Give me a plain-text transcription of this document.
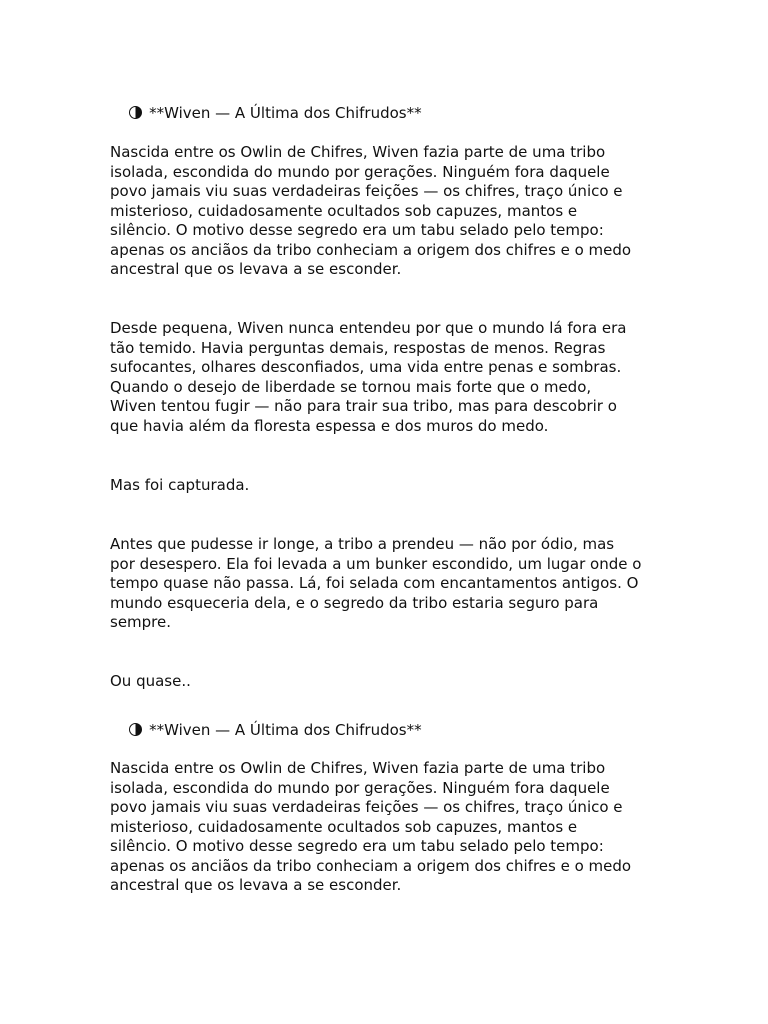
**Wiven — A Última dos Chifrudos**

Nascida entre os Owlin de Chifres, Wiven fazia parte de uma tribo
isolada, escondida do mundo por gerações. Ninguém fora daquele
povo jamais viu suas verdadeiras feições — os chifres, traço único e
misterioso, cuidadosamente ocultados sob capuzes, mantos e
silêncio. O motivo desse segredo era um tabu selado pelo tempo:
apenas os anciãos da tribo conheciam a origem dos chifres e o medo
ancestral que os levava a se esconder.
Desde pequena, Wiven nunca entendeu por que o mundo lá fora era
tão temido. Havia perguntas demais, respostas de menos. Regras
sufocantes, olhares desconfiados, uma vida entre penas e sombras.
Quando o desejo de liberdade se tornou mais forte que o medo,
Wiven tentou fugir — não para trair sua tribo, mas para descobrir o
que havia além da floresta espessa e dos muros do medo.
Mas foi capturada.
Antes que pudesse ir longe, a tribo a prendeu — não por ódio, mas
por desespero. Ela foi levada a um bunker escondido, um lugar onde o
tempo quase não passa. Lá, foi selada com encantamentos antigos. O
mundo esqueceria dela, e o segredo da tribo estaria seguro para
sempre.
Ou quase..

**Wiven — A Última dos Chifrudos**

Nascida entre os Owlin de Chifres, Wiven fazia parte de uma tribo
isolada, escondida do mundo por gerações. Ninguém fora daquele
povo jamais viu suas verdadeiras feições — os chifres, traço único e
misterioso, cuidadosamente ocultados sob capuzes, mantos e
silêncio. O motivo desse segredo era um tabu selado pelo tempo:
apenas os anciãos da tribo conheciam a origem dos chifres e o medo
ancestral que os levava a se esconder.
